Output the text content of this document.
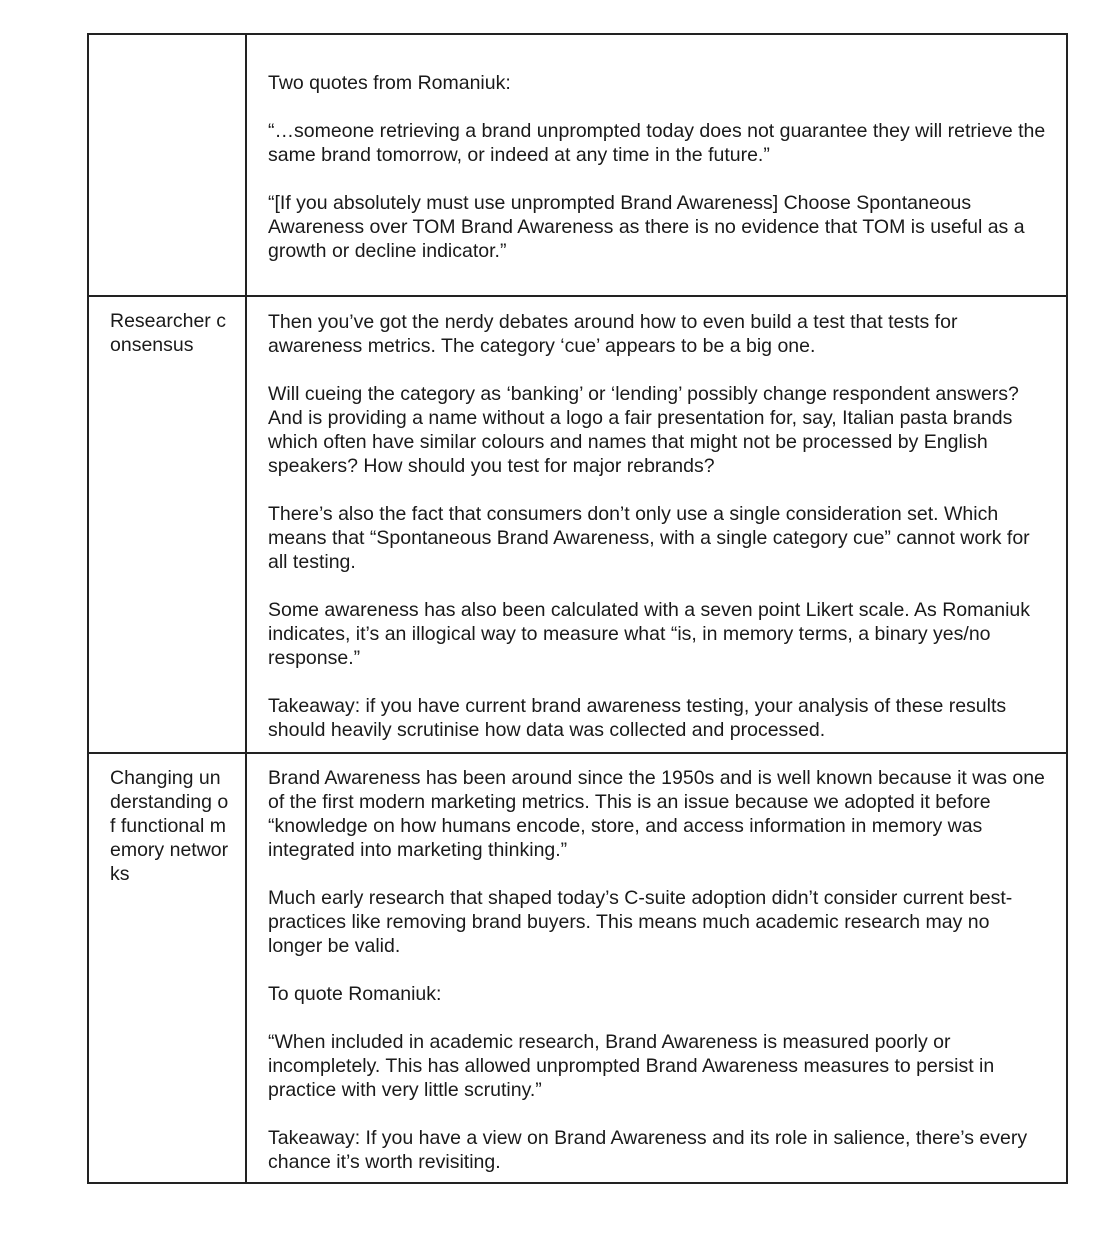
	Two quotes from Romaniuk:

“…someone retrieving a brand unprompted today does not guarantee they will retrieve the same brand tomorrow, or indeed at any time in the future.”

“[If you absolutely must use unprompted Brand Awareness] Choose Spontaneous Awareness over TOM Brand Awareness as there is no evidence that TOM is useful as a growth or decline indicator.”

Researcher consensus	Then you’ve got the nerdy debates around how to even build a test that tests for awareness metrics. The category ‘cue’ appears to be a big one.

Will cueing the category as ‘banking’ or ‘lending’ possibly change respondent answers? And is providing a name without a logo a fair presentation for, say, Italian pasta brands which often have similar colours and names that might not be processed by English speakers? How should you test for major rebrands?

There’s also the fact that consumers don’t only use a single consideration set. Which means that “Spontaneous Brand Awareness, with a single category cue” cannot work for all testing.

Some awareness has also been calculated with a seven point Likert scale. As Romaniuk indicates, it’s an illogical way to measure what “is, in memory terms, a binary yes/no response.”

Takeaway: if you have current brand awareness testing, your analysis of these results should heavily scrutinise how data was collected and processed.

Changing understanding of functional memory networks	Brand Awareness has been around since the 1950s and is well known because it was one of the first modern marketing metrics. This is an issue because we adopted it before “knowledge on how humans encode, store, and access information in memory was integrated into marketing thinking.”

Much early research that shaped today’s C-suite adoption didn’t consider current best-practices like removing brand buyers. This means much academic research may no longer be valid.

To quote Romaniuk:

“When included in academic research, Brand Awareness is measured poorly or incompletely. This has allowed unprompted Brand Awareness measures to persist in practice with very little scrutiny.”

Takeaway: If you have a view on Brand Awareness and its role in salience, there’s every chance it’s worth revisiting.
